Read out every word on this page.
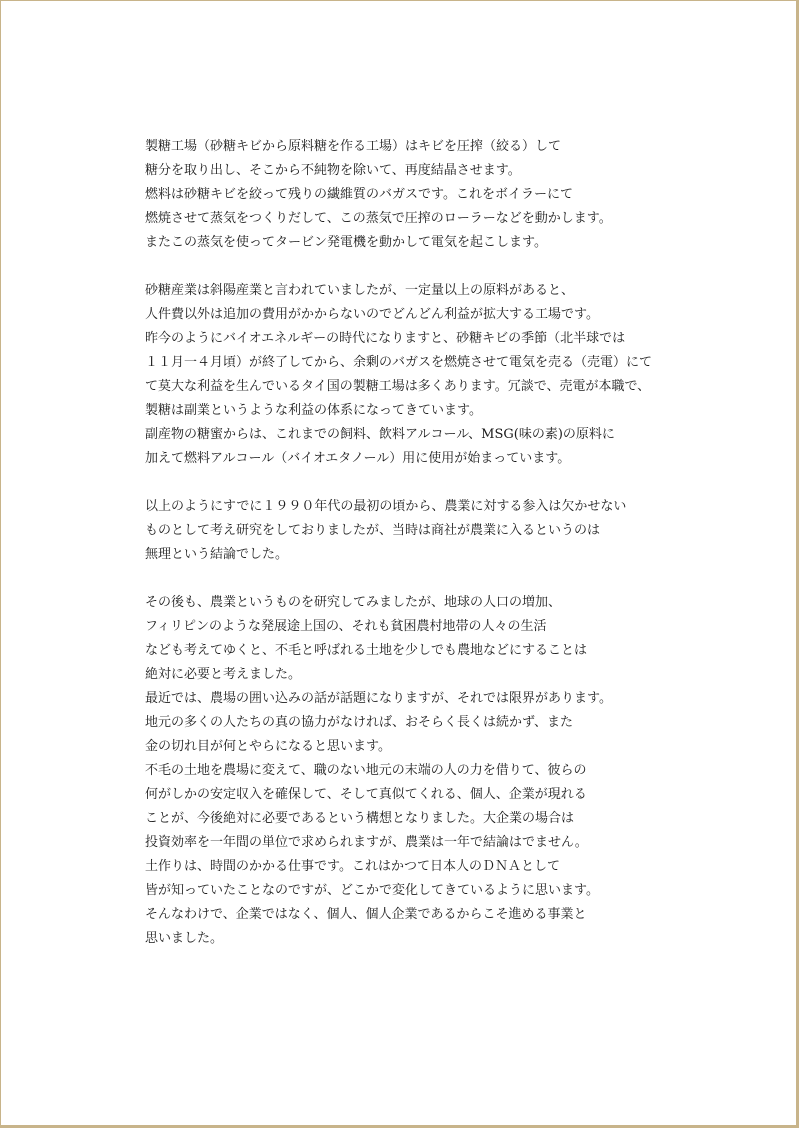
製糖工場（砂糖キビから原料糖を作る工場）はキビを圧搾（絞る）して
糖分を取り出し、そこから不純物を除いて、再度結晶させます。
燃料は砂糖キビを絞って残りの繊維質のバガスです。これをボイラーにて
燃焼させて蒸気をつくりだして、この蒸気で圧搾のローラーなどを動かします。
またこの蒸気を使ってタービン発電機を動かして電気を起こします。
砂糖産業は斜陽産業と言われていましたが、一定量以上の原料があると、
人件費以外は追加の費用がかからないのでどんどん利益が拡大する工場です。
昨今のようにバイオエネルギーの時代になりますと、砂糖キビの季節（北半球では
１１月一４月頃）が終了してから、余剰のバガスを燃焼させて電気を売る（売電）にて
て莫大な利益を生んでいるタイ国の製糖工場は多くあります。冗談で、売電が本職で、
製糖は副業というような利益の体系になってきています。
副産物の糖蜜からは、これまでの飼料、飲料アルコール、MSG(味の素)の原料に
加えて燃料アルコール（バイオエタノール）用に使用が始まっています。
以上のようにすでに１９９０年代の最初の頃から、農業に対する参入は欠かせない
ものとして考え研究をしておりましたが、当時は商社が農業に入るというのは
無理という結論でした。
その後も、農業というものを研究してみましたが、地球の人口の増加、
フィリピンのような発展途上国の、それも貧困農村地帯の人々の生活
なども考えてゆくと、不毛と呼ばれる土地を少しでも農地などにすることは
絶対に必要と考えました。
最近では、農場の囲い込みの話が話題になりますが、それでは限界があります。
地元の多くの人たちの真の協力がなければ、おそらく長くは続かず、また
金の切れ目が何とやらになると思います。
不毛の土地を農場に変えて、職のない地元の末端の人の力を借りて、彼らの
何がしかの安定収入を確保して、そして真似てくれる、個人、企業が現れる
ことが、今後絶対に必要であるという構想となりました。大企業の場合は
投資効率を一年間の単位で求められますが、農業は一年で結論はでません。
土作りは、時間のかかる仕事です。これはかつて日本人のＤＮＡとして
皆が知っていたことなのですが、どこかで変化してきているように思います。
そんなわけで、企業ではなく、個人、個人企業であるからこそ進める事業と
思いました。
